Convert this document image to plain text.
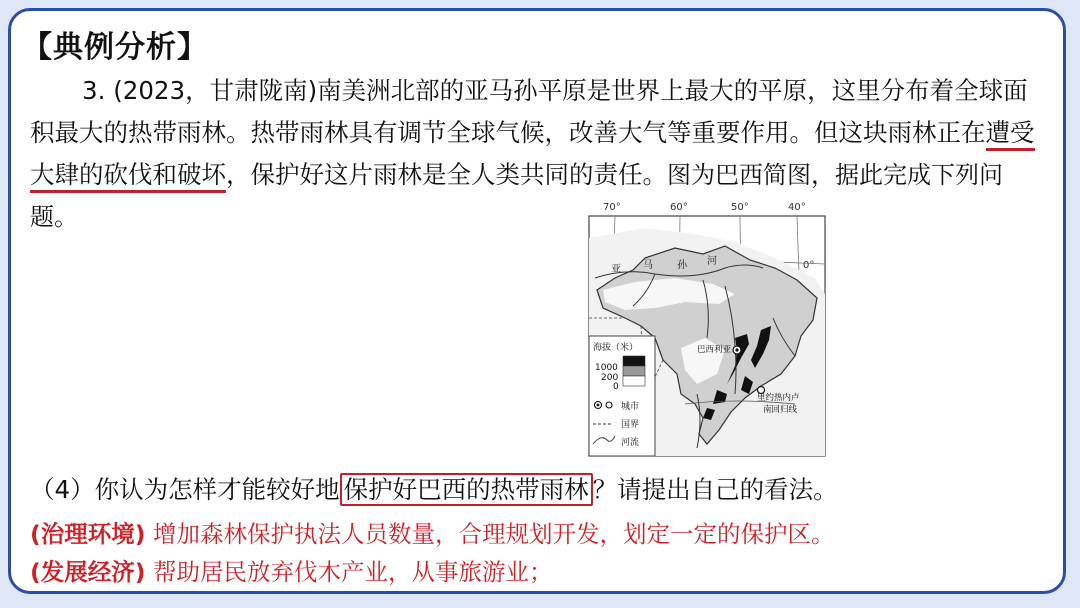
【典例分析】
3. (2023，甘肃陇南)南美洲北部的亚马孙平原是世界上最大的平原，这里分布着全球面积最大的热带雨林。热带雨林具有调节全球气候，改善大气等重要作用。但这块雨林正在遭受大肆的砍伐和破坏，保护好这片雨林是全人类共同的责任。图为巴西简图，据此完成下列问题。	70°	60°	50°	40°
0°
亚 马 孙 河
巴西利亚
里约热内卢
南回归线
海拔（米）
1000
200
0
城市
国界
河流
（4）你认为怎样才能较好地 保护好巴西的热带雨林 ？请提出自己的看法。
(治理环境) 增加森林保护执法人员数量，合理规划开发，划定一定的保护区。
(发展经济) 帮助居民放弃伐木产业，从事旅游业；
